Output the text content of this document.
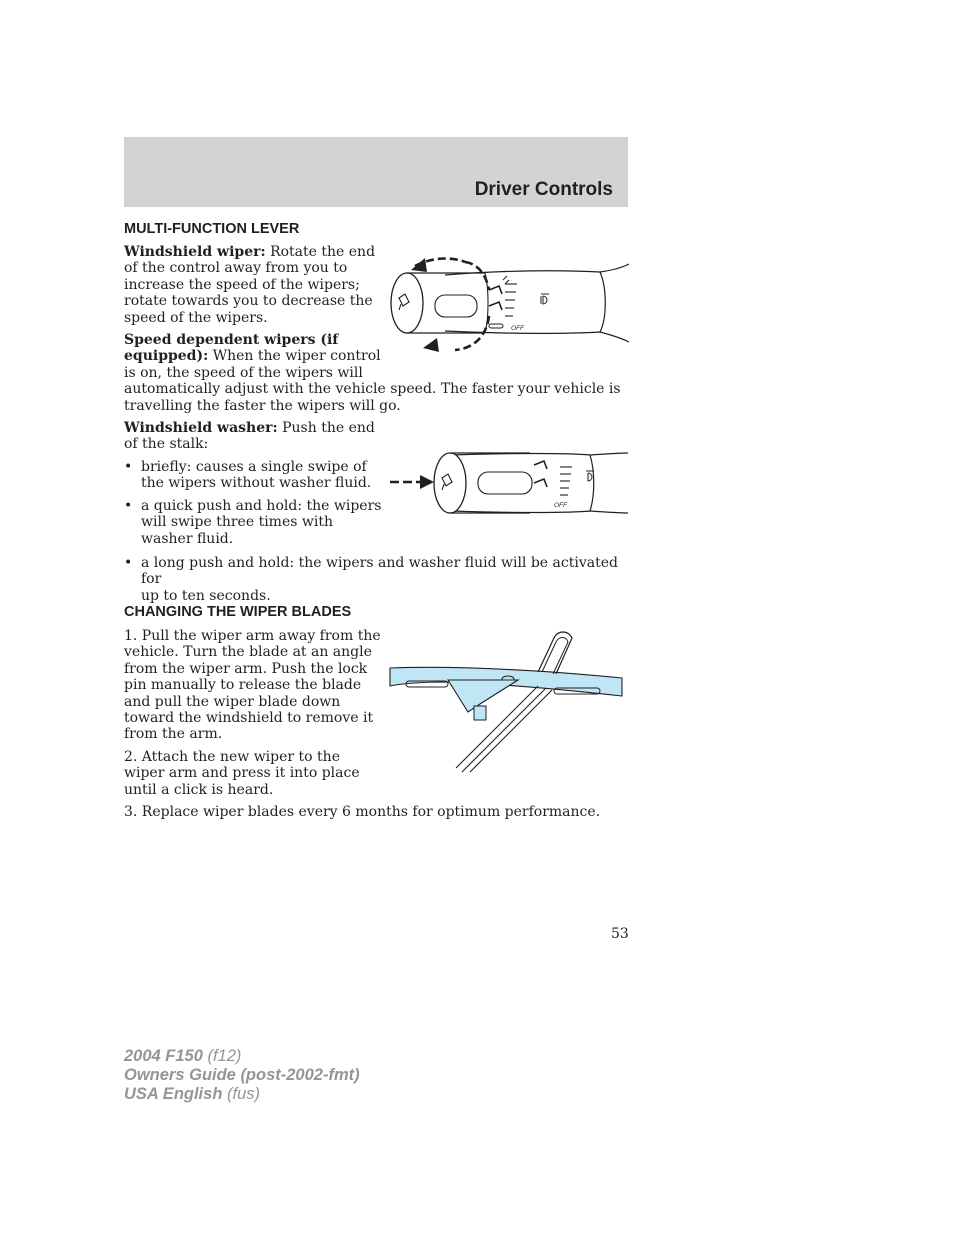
Driver Controls
MULTI-FUNCTION LEVER
Windshield wiper: Rotate the end
of the control away from you to
increase the speed of the wipers;
rotate towards you to decrease the
speed of the wipers.
Speed dependent wipers (if
equipped): When the wiper control
is on, the speed of the wipers will
automatically adjust with the vehicle speed. The faster your vehicle is
travelling the faster the wipers will go.
Windshield washer: Push the end
of the stalk:
• briefly: causes a single swipe of
the wipers without washer fluid.
• a quick push and hold: the wipers
will swipe three times with
washer fluid.
• a long push and hold: the wipers and washer fluid will be activated for
up to ten seconds.
OFF
OFF
CHANGING THE WIPER BLADES
1. Pull the wiper arm away from the
vehicle. Turn the blade at an angle
from the wiper arm. Push the lock
pin manually to release the blade
and pull the wiper blade down
toward the windshield to remove it
from the arm.
2. Attach the new wiper to the
wiper arm and press it into place
until a click is heard.
3. Replace wiper blades every 6 months for optimum performance.
53
2004 F150 (f12)
Owners Guide (post-2002-fmt)
USA English (fus)
